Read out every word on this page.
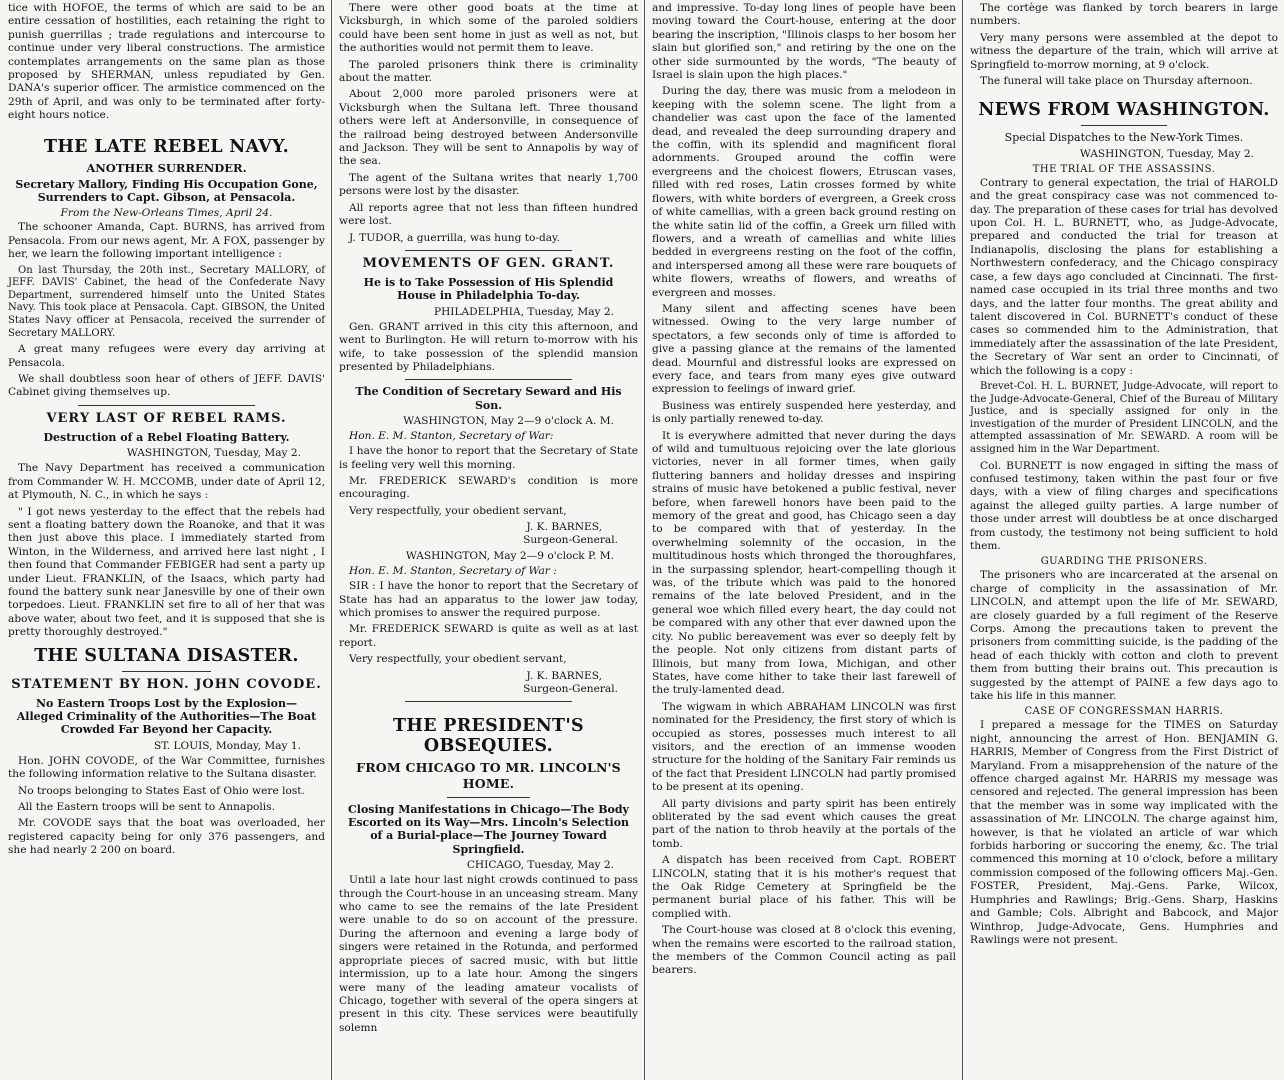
tice with HOFOE, the terms of which are said to be an entire cessation of hostilities, each retaining the right to punish guerrillas ; trade regulations and intercourse to continue under very liberal constructions. The armistice contemplates arrangements on the same plan as those proposed by SHERMAN, unless repudiated by Gen. DANA's superior officer. The armistice commenced on the 29th of April, and was only to be terminated after forty-eight hours notice.

THE LATE REBEL NAVY.
ANOTHER SURRENDER.
Secretary Mallory, Finding His Occupation Gone, Surrenders to Capt. Gibson, at Pensacola.
From the New-Orleans Times, April 24.

The schooner Amanda, Capt. BURNS, has arrived from Pensacola. From our news agent, Mr. A FOX, passenger by her, we learn the following important intelligence :

On last Thursday, the 20th inst., Secretary MALLORY, of JEFF. DAVIS' Cabinet, the head of the Confederate Navy Department, surrendered himself unto the United States Navy. This took place at Pensacola. Capt. GIBSON, the United States Navy officer at Pensacola, received the surrender of Secretary MALLORY.

A great many refugees were every day arriving at Pensacola.

We shall doubtless soon hear of others of JEFF. DAVIS' Cabinet giving themselves up.

VERY LAST OF REBEL RAMS.
Destruction of a Rebel Floating Battery.
WASHINGTON, Tuesday, May 2.

The Navy Department has received a communication from Commander W. H. MCCOMB, under date of April 12, at Plymouth, N. C., in which he says :

" I got news yesterday to the effect that the rebels had sent a floating battery down the Roanoke, and that it was then just above this place. I immediately started from Winton, in the Wilderness, and arrived here last night , I then found that Commander FEBIGER had sent a party up under Lieut. FRANKLIN, of the Isaacs, which party had found the battery sunk near Janesville by one of their own torpedoes. Lieut. FRANKLIN set fire to all of her that was above water, about two feet, and it is supposed that she is pretty thoroughly destroyed."

THE SULTANA DISASTER.
STATEMENT BY HON. JOHN COVODE.
No Eastern Troops Lost by the Explosion—Alleged Criminality of the Authorities—The Boat Crowded Far Beyond her Capacity.
ST. LOUIS, Monday, May 1.

Hon. JOHN COVODE, of the War Committee, furnishes the following information relative to the Sultana disaster.

No troops belonging to States East of Ohio were lost.

All the Eastern troops will be sent to Annapolis.

Mr. COVODE says that the boat was overloaded, her registered capacity being for only 376 passengers, and she had nearly 2 200 on board.

There were other good boats at the time at Vicksburgh, in which some of the paroled soldiers could have been sent home in just as well as not, but the authorities would not permit them to leave.

The paroled prisoners think there is criminality about the matter.

About 2,000 more paroled prisoners were at Vicksburgh when the Sultana left. Three thousand others were left at Andersonville, in consequence of the railroad being destroyed between Andersonville and Jackson. They will be sent to Annapolis by way of the sea.

The agent of the Sultana writes that nearly 1,700 persons were lost by the disaster.

All reports agree that not less than fifteen hundred were lost.

J. TUDOR, a guerrilla, was hung to-day.

MOVEMENTS OF GEN. GRANT.
He is to Take Possession of His Splendid House in Philadelphia To-day.
PHILADELPHIA, Tuesday, May 2.

Gen. GRANT arrived in this city this afternoon, and went to Burlington. He will return to-morrow with his wife, to take possession of the splendid mansion presented by Philadelphians.

The Condition of Secretary Seward and His Son.
WASHINGTON, May 2—9 o'clock A. M.
Hon. E. M. Stanton, Secretary of War:

I have the honor to report that the Secretary of State is feeling very well this morning.

Mr. FREDERICK SEWARD's condition is more encouraging.

Very respectfully, your obedient servant,

J. K. BARNES,
Surgeon-General.
WASHINGTON, May 2—9 o'clock P. M.
Hon. E. M. Stanton, Secretary of War :

SIR : I have the honor to report that the Secretary of State has had an apparatus to the lower jaw today, which promises to answer the required purpose.

Mr. FREDERICK SEWARD is quite as well as at last report.

Very respectfully, your obedient servant,

J. K. BARNES,
Surgeon-General.
THE PRESIDENT'S OBSEQUIES.
FROM CHICAGO TO MR. LINCOLN'S HOME.
Closing Manifestations in Chicago—The Body Escorted on its Way—Mrs. Lincoln's Selection of a Burial-place—The Journey Toward Springfield.
CHICAGO, Tuesday, May 2.

Until a late hour last night crowds continued to pass through the Court-house in an unceasing stream. Many who came to see the remains of the late President were unable to do so on account of the pressure. During the afternoon and evening a large body of singers were retained in the Rotunda, and performed appropriate pieces of sacred music, with but little intermission, up to a late hour. Among the singers were many of the leading amateur vocalists of Chicago, together with several of the opera singers at present in this city. These services were beautifully solemn

and impressive. To-day long lines of people have been moving toward the Court-house, entering at the door bearing the inscription, "Illinois clasps to her bosom her slain but glorified son," and retiring by the one on the other side surmounted by the words, "The beauty of Israel is slain upon the high places."

During the day, there was music from a melodeon in keeping with the solemn scene. The light from a chandelier was cast upon the face of the lamented dead, and revealed the deep surrounding drapery and the coffin, with its splendid and magnificent floral adornments. Grouped around the coffin were evergreens and the choicest flowers, Etruscan vases, filled with red roses, Latin crosses formed by white flowers, with white borders of evergreen, a Greek cross of white camellias, with a green back ground resting on the white satin lid of the coffin, a Greek urn filled with flowers, and a wreath of camellias and white lilies bedded in evergreens resting on the foot of the coffin, and interspersed among all these were rare bouquets of white flowers, wreaths of flowers, and wreaths of evergreen and mosses.

Many silent and affecting scenes have been witnessed. Owing to the very large number of spectators, a few seconds only of time is afforded to give a passing glance at the remains of the lamented dead. Mournful and distressful looks are expressed on every face, and tears from many eyes give outward expression to feelings of inward grief.

Business was entirely suspended here yesterday, and is only partially renewed to-day.

It is everywhere admitted that never during the days of wild and tumultuous rejoicing over the late glorious victories, never in all former times, when gaily fluttering banners and holiday dresses and inspiring strains of music have betokened a public festival, never before, when farewell honors have been paid to the memory of the great and good, has Chicago seen a day to be compared with that of yesterday. In the overwhelming solemnity of the occasion, in the multitudinous hosts which thronged the thoroughfares, in the surpassing splendor, heart-compelling though it was, of the tribute which was paid to the honored remains of the late beloved President, and in the general woe which filled every heart, the day could not be compared with any other that ever dawned upon the city. No public bereavement was ever so deeply felt by the people. Not only citizens from distant parts of Illinois, but many from Iowa, Michigan, and other States, have come hither to take their last farewell of the truly-lamented dead.

The wigwam in which ABRAHAM LINCOLN was first nominated for the Presidency, the first story of which is occupied as stores, possesses much interest to all visitors, and the erection of an immense wooden structure for the holding of the Sanitary Fair reminds us of the fact that President LINCOLN had partly promised to be present at its opening.

All party divisions and party spirit has been entirely obliterated by the sad event which causes the great part of the nation to throb heavily at the portals of the tomb.

A dispatch has been received from Capt. ROBERT LINCOLN, stating that it is his mother's request that the Oak Ridge Cemetery at Springfield be the permanent burial place of his father. This will be complied with.

The Court-house was closed at 8 o'clock this evening, when the remains were escorted to the railroad station, the members of the Common Council acting as pall bearers.

The cortège was flanked by torch bearers in large numbers.

Very many persons were assembled at the depot to witness the departure of the train, which will arrive at Springfield to-morrow morning, at 9 o'clock.

The funeral will take place on Thursday afternoon.

NEWS FROM WASHINGTON.
Special Dispatches to the New-York Times.
WASHINGTON, Tuesday, May 2.
THE TRIAL OF THE ASSASSINS.

Contrary to general expectation, the trial of HAROLD and the great conspiracy case was not commenced to-day. The preparation of these cases for trial has devolved upon Col. H. L. BURNETT, who, as Judge-Advocate, prepared and conducted the trial for treason at Indianapolis, disclosing the plans for establishing a Northwestern confederacy, and the Chicago conspiracy case, a few days ago concluded at Cincinnati. The first-named case occupied in its trial three months and two days, and the latter four months. The great ability and talent discovered in Col. BURNETT's conduct of these cases so commended him to the Administration, that immediately after the assassination of the late President, the Secretary of War sent an order to Cincinnati, of which the following is a copy :

Brevet-Col. H. L. BURNET, Judge-Advocate, will report to the Judge-Advocate-General, Chief of the Bureau of Military Justice, and is specially assigned for only in the investigation of the murder of President LINCOLN, and the attempted assassination of Mr. SEWARD. A room will be assigned him in the War Department.

Col. BURNETT is now engaged in sifting the mass of confused testimony, taken within the past four or five days, with a view of filing charges and specifications against the alleged guilty parties. A large number of those under arrest will doubtless be at once discharged from custody, the testimony not being sufficient to hold them.

GUARDING THE PRISONERS.

The prisoners who are incarcerated at the arsenal on charge of complicity in the assassination of Mr. LINCOLN, and attempt upon the life of Mr. SEWARD, are closely guarded by a full regiment of the Reserve Corps. Among the precautions taken to prevent the prisoners from committing suicide, is the padding of the head of each thickly with cotton and cloth to prevent them from butting their brains out. This precaution is suggested by the attempt of PAINE a few days ago to take his life in this manner.

CASE OF CONGRESSMAN HARRIS.

I prepared a message for the TIMES on Saturday night, announcing the arrest of Hon. BENJAMIN G. HARRIS, Member of Congress from the First District of Maryland. From a misapprehension of the nature of the offence charged against Mr. HARRIS my message was censored and rejected. The general impression has been that the member was in some way implicated with the assassination of Mr. LINCOLN. The charge against him, however, is that he violated an article of war which forbids harboring or succoring the enemy, &c. The trial commenced this morning at 10 o'clock, before a military commission composed of the following officers Maj.-Gen. FOSTER, President, Maj.-Gens. Parke, Wilcox, Humphries and Rawlings; Brig.-Gens. Sharp, Haskins and Gamble; Cols. Albright and Babcock, and Major Winthrop, Judge-Advocate, Gens. Humphries and Rawlings were not present.
